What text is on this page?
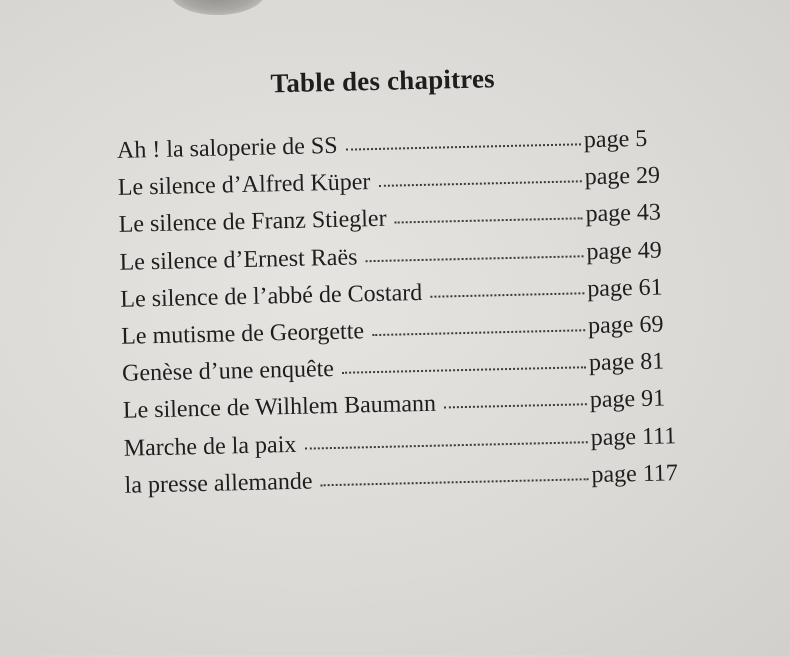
Table des chapitres
Ah ! la saloperie de SS	page 5
Le silence d’Alfred Küper	page 29
Le silence de Franz Stiegler	page 43
Le silence d’Ernest Raës	page 49
Le silence de l’abbé de Costard	page 61
Le mutisme de Georgette	page 69
Genèse d’une enquête	page 81
Le silence de Wilhlem Baumann	page 91
Marche de la paix	page 111
la presse allemande	page 117
